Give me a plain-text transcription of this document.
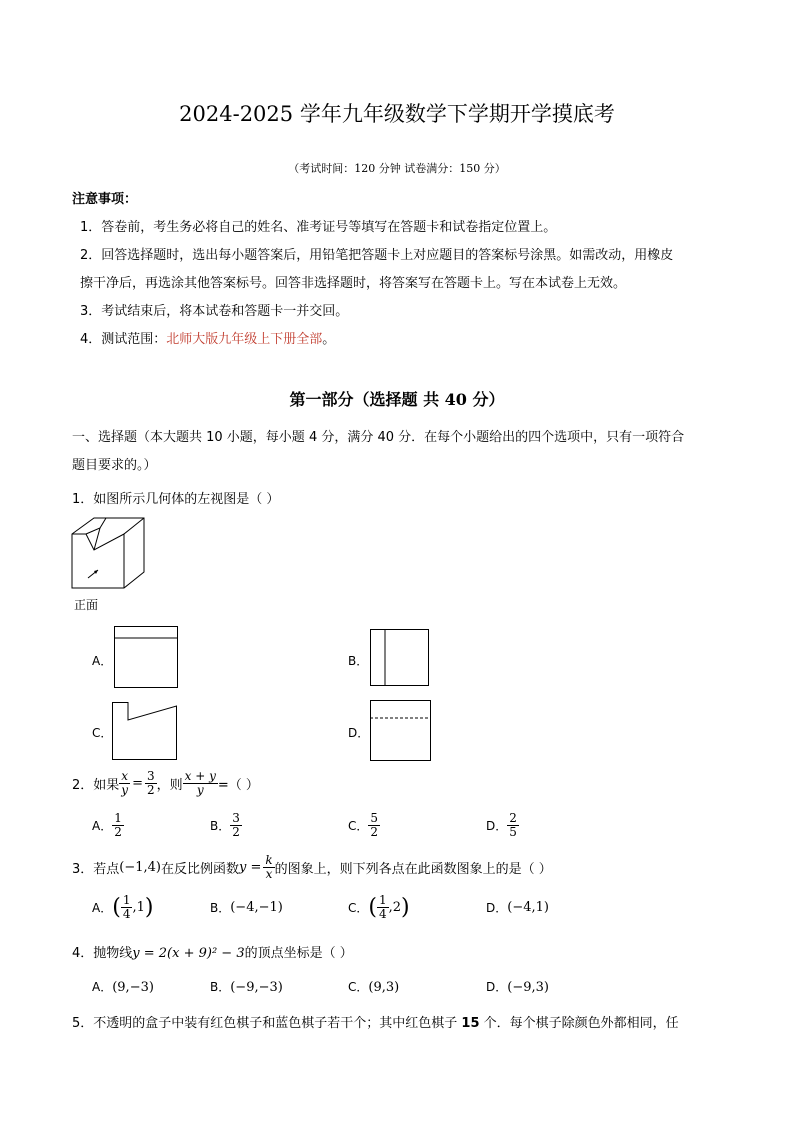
2024-2025 学年九年级数学下学期开学摸底考
（考试时间：120 分钟 试卷满分：150 分）
注意事项：
1．答卷前，考生务必将自己的姓名、准考证号等填写在答题卡和试卷指定位置上。
2．回答选择题时，选出每小题答案后，用铅笔把答题卡上对应题目的答案标号涂黑。如需改动，用橡皮
擦干净后，再选涂其他答案标号。回答非选择题时，将答案写在答题卡上。写在本试卷上无效。
3．考试结束后，将本试卷和答题卡一并交回。
4．测试范围：北师大版九年级上下册全部。
第一部分（选择题 共 40 分）
一、选择题（本大题共 10 小题，每小题 4 分，满分 40 分．在每个小题给出的四个选项中，只有一项符合
题目要求的。）
1．如图所示几何体的左视图是（ ）
正面
A．	B．
C．	D．
2．如果 $\frac{x}{y} = \frac{3}{2}$ ，则 $\frac{x + y}{y}$ =（ ）
A． $\frac{1}{2}$	B． $\frac{3}{2}$	C． $\frac{5}{2}$	D． $\frac{2}{5}$
3．若点 (−1,4) 在反比例函数 $y = \frac{k}{x}$ 的图象上，则下列各点在此函数图象上的是（ ）
A． ( $\frac{1}{4} ,1$ )	B． (−4,−1)	C． ( $\frac{1}{4} ,2$ )	D． (−4,1)
4．抛物线y = 2(x + 9)² − 3的顶点坐标是（ ）
A．(9,−3)	B．(−9,−3)	C．(9,3)	D．(−9,3)
5．不透明的盒子中装有红色棋子和蓝色棋子若干个；其中红色棋子 15 个．每个棋子除颜色外都相同，任
